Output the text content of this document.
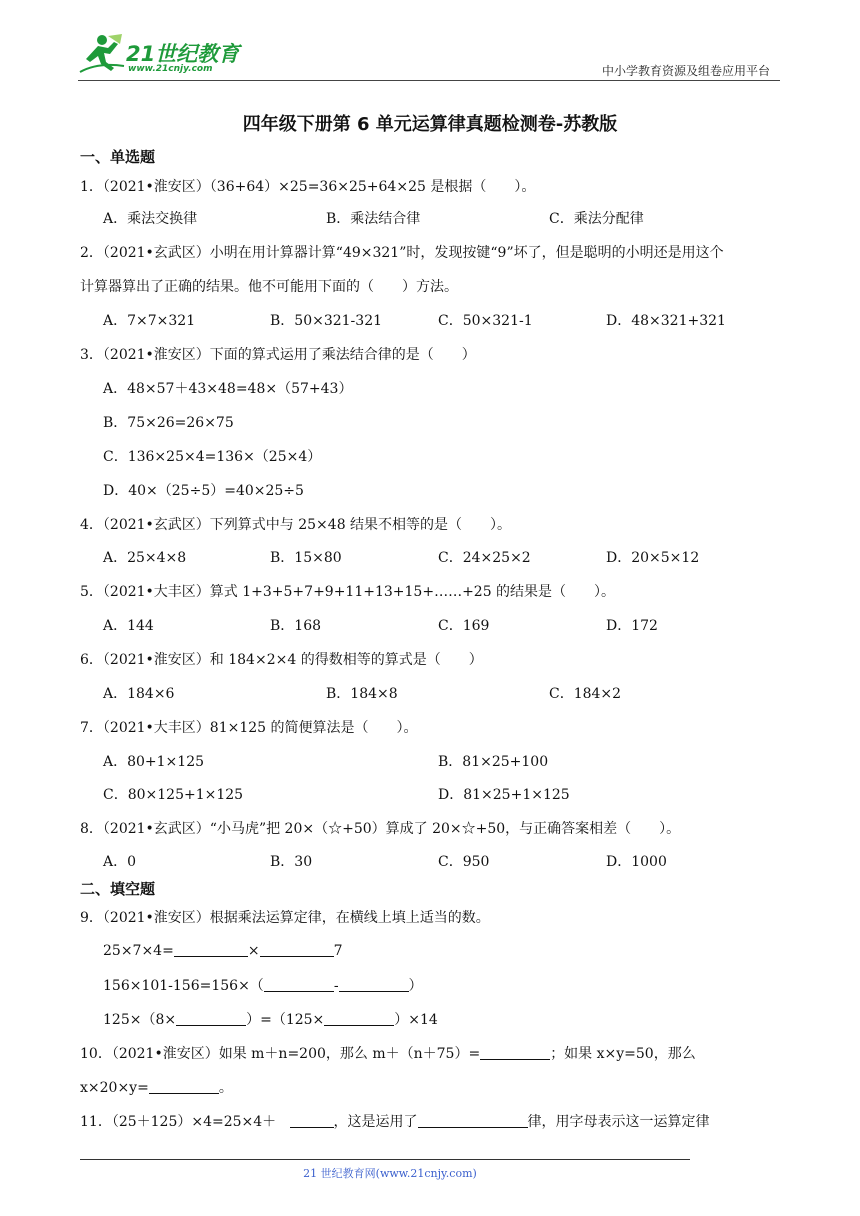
21世纪教育
www.21cnjy.com	中小学教育资源及组卷应用平台
四年级下册第 6 单元运算律真题检测卷-苏教版
一、单选题
1．（2021•淮安区）（36+64）×25=36×25+64×25 是根据（　　）。
A．乘法交换律	B．乘法结合律	C．乘法分配律
2．（2021•玄武区）小明在用计算器计算“49×321”时，发现按键“9”坏了，但是聪明的小明还是用这个
计算器算出了正确的结果。他不可能用下面的（　　）方法。
A．7×7×321	B．50×321-321	C．50×321-1	D．48×321+321
3．（2021•淮安区）下面的算式运用了乘法结合律的是（　　）
A．48×57＋43×48=48×（57+43）
B．75×26=26×75
C．136×25×4=136×（25×4）
D．40×（25÷5）=40×25÷5
4．（2021•玄武区）下列算式中与 25×48 结果不相等的是（　　）。
A．25×4×8	B．15×80	C．24×25×2	D．20×5×12
5．（2021•大丰区）算式 1+3+5+7+9+11+13+15+……+25 的结果是（　　）。
A．144	B．168	C．169	D．172
6．（2021•淮安区）和 184×2×4 的得数相等的算式是（　　）
A．184×6	B．184×8	C．184×2
7．（2021•大丰区）81×125 的简便算法是（　　）。
A．80+1×125	B．81×25+100
C．80×125+1×125	D．81×25+1×125
8．（2021•玄武区）“小马虎”把 20×（☆+50）算成了 20×☆+50，与正确答案相差（　　）。
A．0	B．30	C．950	D．1000
二、填空题
9．（2021•淮安区）根据乘法运算定律，在横线上填上适当的数。
25×7×4=	×	7
156×101-156=156×（	-	）
125×（8×	）=（125×	）×14
10．（2021•淮安区）如果 m＋n=200，那么 m＋（n＋75）=	；如果 x×y=50，那么
x×20×y=	。
11．（25＋125）×4=25×4＋	，这是运用了	律，用字母表示这一运算定律
21 世纪教育网(www.21cnjy.com)
